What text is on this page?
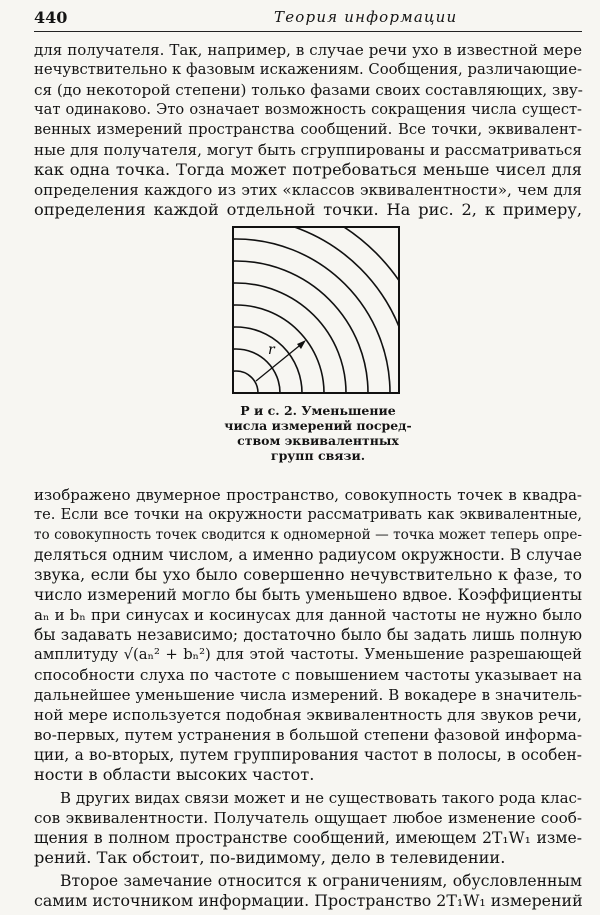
440	Теория информации
для получателя. Так, например, в случае речи ухо в известной мере
нечувствительно к фазовым искажениям. Сообщения, различающие-
ся (до некоторой степени) только фазами своих составляющих, зву-
чат одинаково. Это означает возможность сокращения числа сущест-
венных измерений пространства сообщений. Все точки, эквивалент-
ные для получателя, могут быть сгруппированы и рассматриваться
как одна точка. Тогда может потребоваться меньше чисел для
определения каждого из этих «классов эквивалентности», чем для
определения каждой отдельной точки. На рис. 2, к примеру,
r
Р и с. 2. Уменьшение
числа измерений посред-
ством эквивалентных
групп связи.
изображено двумерное пространство, совокупность точек в квадра-
те. Если все точки на окружности рассматривать как эквивалентные,
то совокупность точек сводится к одномерной — точка может теперь опре-
деляться одним числом, а именно радиусом окружности. В случае
звука, если бы ухо было совершенно нечувствительно к фазе, то
число измерений могло бы быть уменьшено вдвое. Коэффициенты
aₙ и bₙ при синусах и косинусах для данной частоты не нужно было
бы задавать независимо; достаточно было бы задать лишь полную
амплитуду √(aₙ² + bₙ²) для этой частоты. Уменьшение разрешающей
способности слуха по частоте с повышением частоты указывает на
дальнейшее уменьшение числа измерений. В вокадере в значитель-
ной мере используется подобная эквивалентность для звуков речи,
во-первых, путем устранения в большой степени фазовой информа-
ции, а во-вторых, путем группирования частот в полосы, в особен-
ности в области высоких частот.
В других видах связи может и не существовать такого рода клас-
сов эквивалентности. Получатель ощущает любое изменение сооб-
щения в полном пространстве сообщений, имеющем 2T₁W₁ изме-
рений. Так обстоит, по-видимому, дело в телевидении.
Второе замечание относится к ограничениям, обусловленным
самим источником информации. Пространство 2T₁W₁ измерений
